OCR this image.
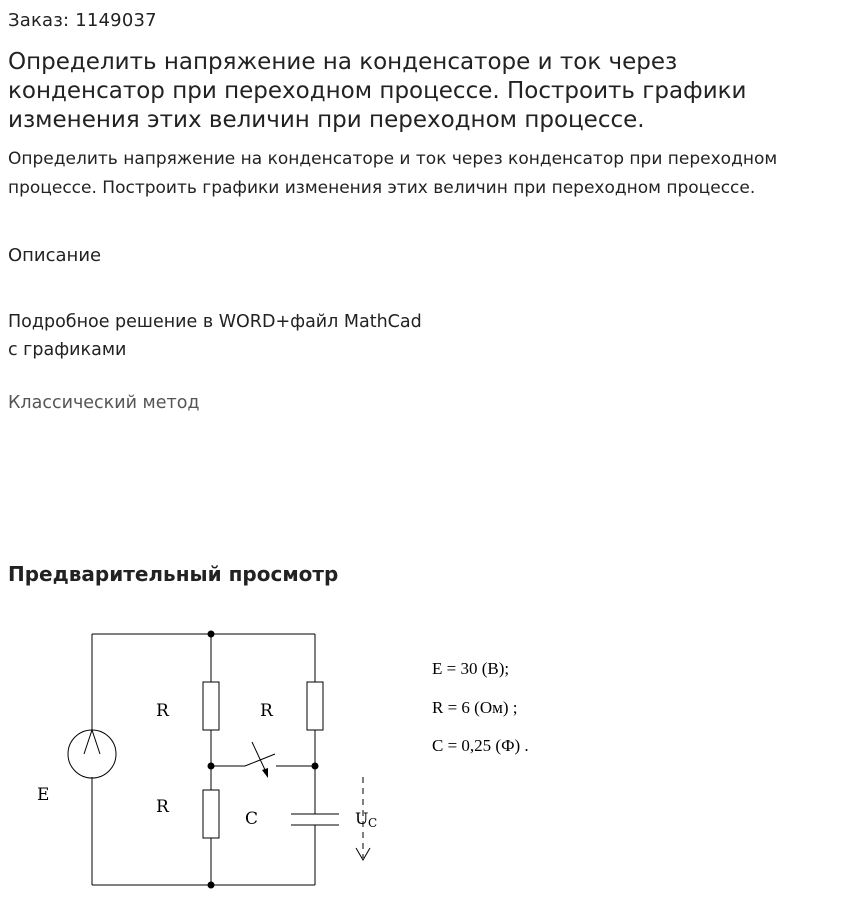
Заказ: 1149037
Определить напряжение на конденсаторе и ток через конденсатор при переходном процессе. Построить графики изменения этих величин при переходном процессе.
Определить напряжение на конденсаторе и ток через конденсатор при переходном процессе. Построить графики изменения этих величин при переходном процессе.
Описание
Подробное решение в WORD+файл MathCad с графиками
Классический метод
Предварительный просмотр
E
R	R
R
C	U C
E = 30 (В);
R = 6 (Ом) ;
C = 0,25 (Ф) .
